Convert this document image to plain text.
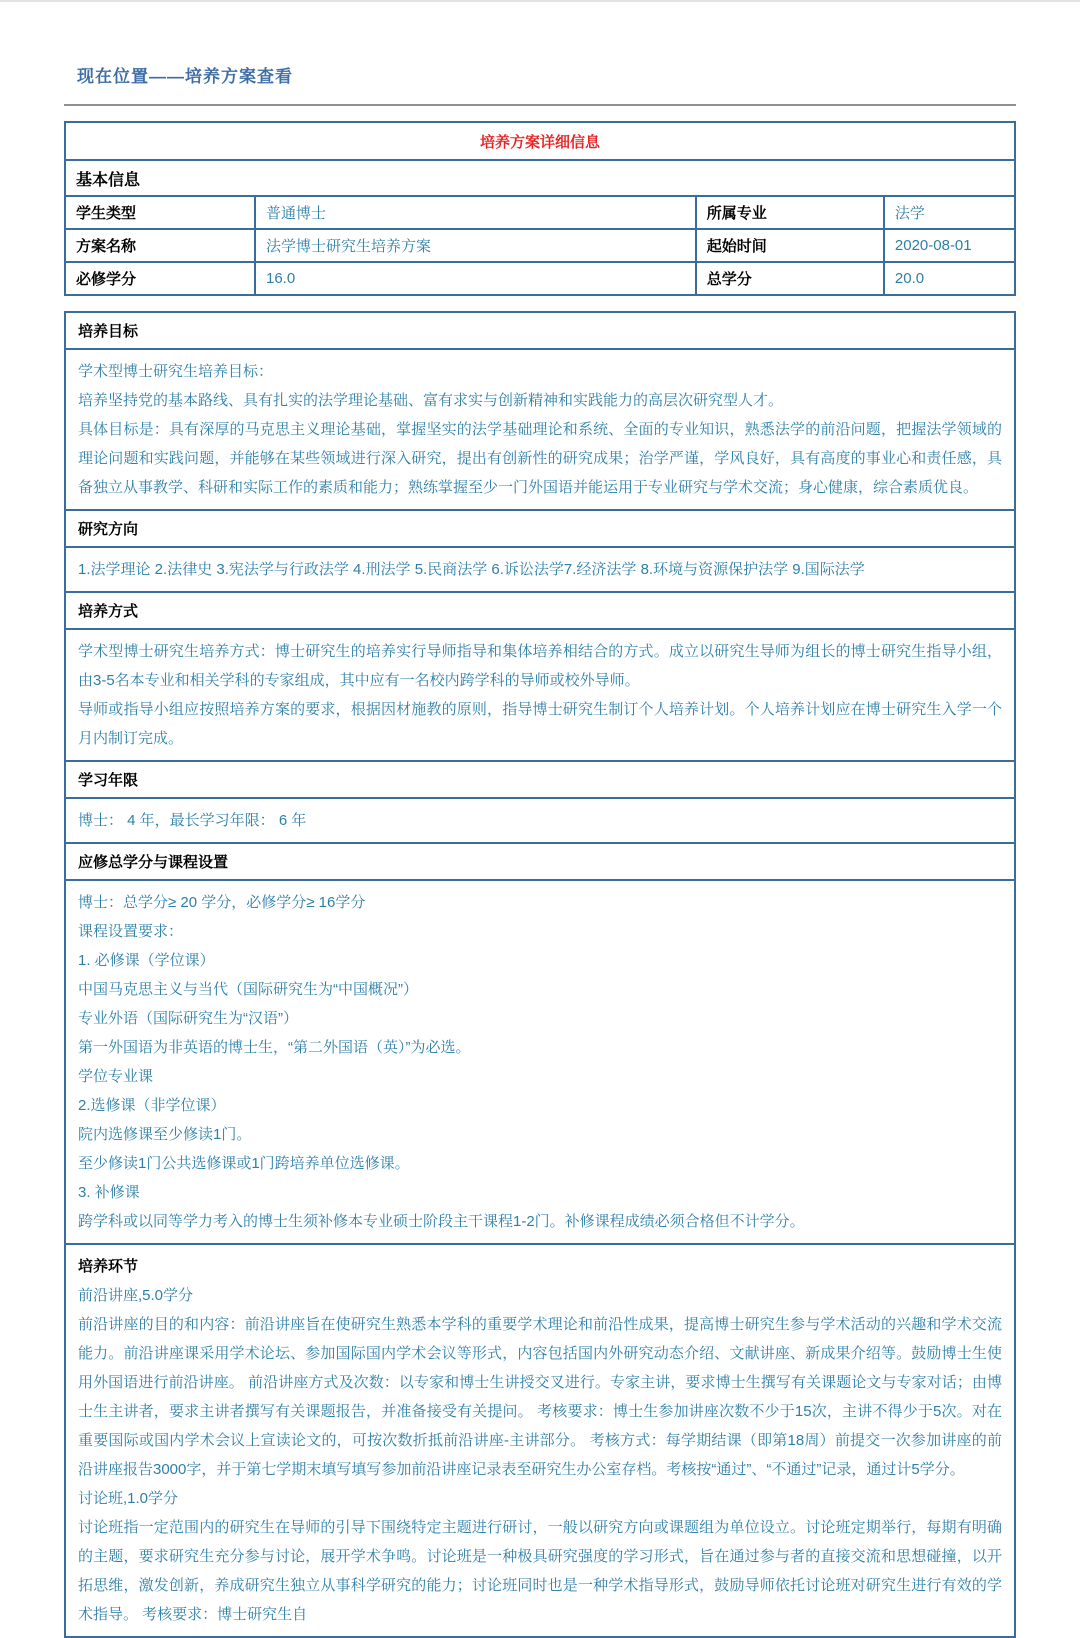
现在位置——培养方案查看
培养方案详细信息			
基本信息			
学生类型	普通博士	所属专业	法学
方案名称	法学博士研究生培养方案	起始时间	2020-08-01
必修学分	16.0	总学分	20.0
培养目标

学术型博士研究生培养目标：
培养坚持党的基本路线、具有扎实的法学理论基础、富有求实与创新精神和实践能力的高层次研究型人才。
具体目标是：具有深厚的马克思主义理论基础，掌握坚实的法学基础理论和系统、全面的专业知识，熟悉法学的前沿问题，把握法学领域的理论问题和实践问题，并能够在某些领域进行深入研究，提出有创新性的研究成果；治学严谨，学风良好，具有高度的事业心和责任感，具备独立从事教学、科研和实际工作的素质和能力；熟练掌握至少一门外国语并能运用于专业研究与学术交流；身心健康，综合素质优良。

研究方向

1.法学理论 2.法律史 3.宪法学与行政法学 4.刑法学 5.民商法学 6.诉讼法学7.经济法学 8.环境与资源保护法学 9.国际法学

培养方式

学术型博士研究生培养方式：博士研究生的培养实行导师指导和集体培养相结合的方式。成立以研究生导师为组长的博士研究生指导小组，由3-5名本专业和相关学科的专家组成，其中应有一名校内跨学科的导师或校外导师。
导师或指导小组应按照培养方案的要求，根据因材施教的原则，指导博士研究生制订个人培养计划。个人培养计划应在博士研究生入学一个月内制订完成。

学习年限

博士： 4 年，最长学习年限： 6 年

应修总学分与课程设置

博士：总学分≥ 20 学分，必修学分≥ 16学分
课程设置要求：
1. 必修课（学位课）
中国马克思主义与当代（国际研究生为“中国概况”）
专业外语（国际研究生为“汉语”）
第一外国语为非英语的博士生，“第二外国语（英）”为必选。
学位专业课
2.选修课（非学位课）
院内选修课至少修读1门。
至少修读1门公共选修课或1门跨培养单位选修课。
3. 补修课
跨学科或以同等学力考入的博士生须补修本专业硕士阶段主干课程1-2门。补修课程成绩必须合格但不计学分。

培养环节
前沿讲座,5.0学分
前沿讲座的目的和内容：前沿讲座旨在使研究生熟悉本学科的重要学术理论和前沿性成果，提高博士研究生参与学术活动的兴趣和学术交流能力。前沿讲座课采用学术论坛、参加国际国内学术会议等形式，内容包括国内外研究动态介绍、文献讲座、新成果介绍等。鼓励博士生使用外国语进行前沿讲座。 前沿讲座方式及次数：以专家和博士生讲授交叉进行。专家主讲，要求博士生撰写有关课题论文与专家对话；由博士生主讲者，要求主讲者撰写有关课题报告，并准备接受有关提问。 考核要求：博士生参加讲座次数不少于15次，主讲不得少于5次。对在重要国际或国内学术会议上宣读论文的，可按次数折抵前沿讲座-主讲部分。 考核方式：每学期结课（即第18周）前提交一次参加讲座的前沿讲座报告3000字，并于第七学期末填写填写参加前沿讲座记录表至研究生办公室存档。考核按“通过”、“不通过”记录，通过计5学分。
讨论班,1.0学分
讨论班指一定范围内的研究生在导师的引导下围绕特定主题进行研讨，一般以研究方向或课题组为单位设立。讨论班定期举行，每期有明确的主题，要求研究生充分参与讨论，展开学术争鸣。讨论班是一种极具研究强度的学习形式，旨在通过参与者的直接交流和思想碰撞，以开拓思维，激发创新，养成研究生独立从事科学研究的能力；讨论班同时也是一种学术指导形式，鼓励导师依托讨论班对研究生进行有效的学术指导。 考核要求：博士研究生自
